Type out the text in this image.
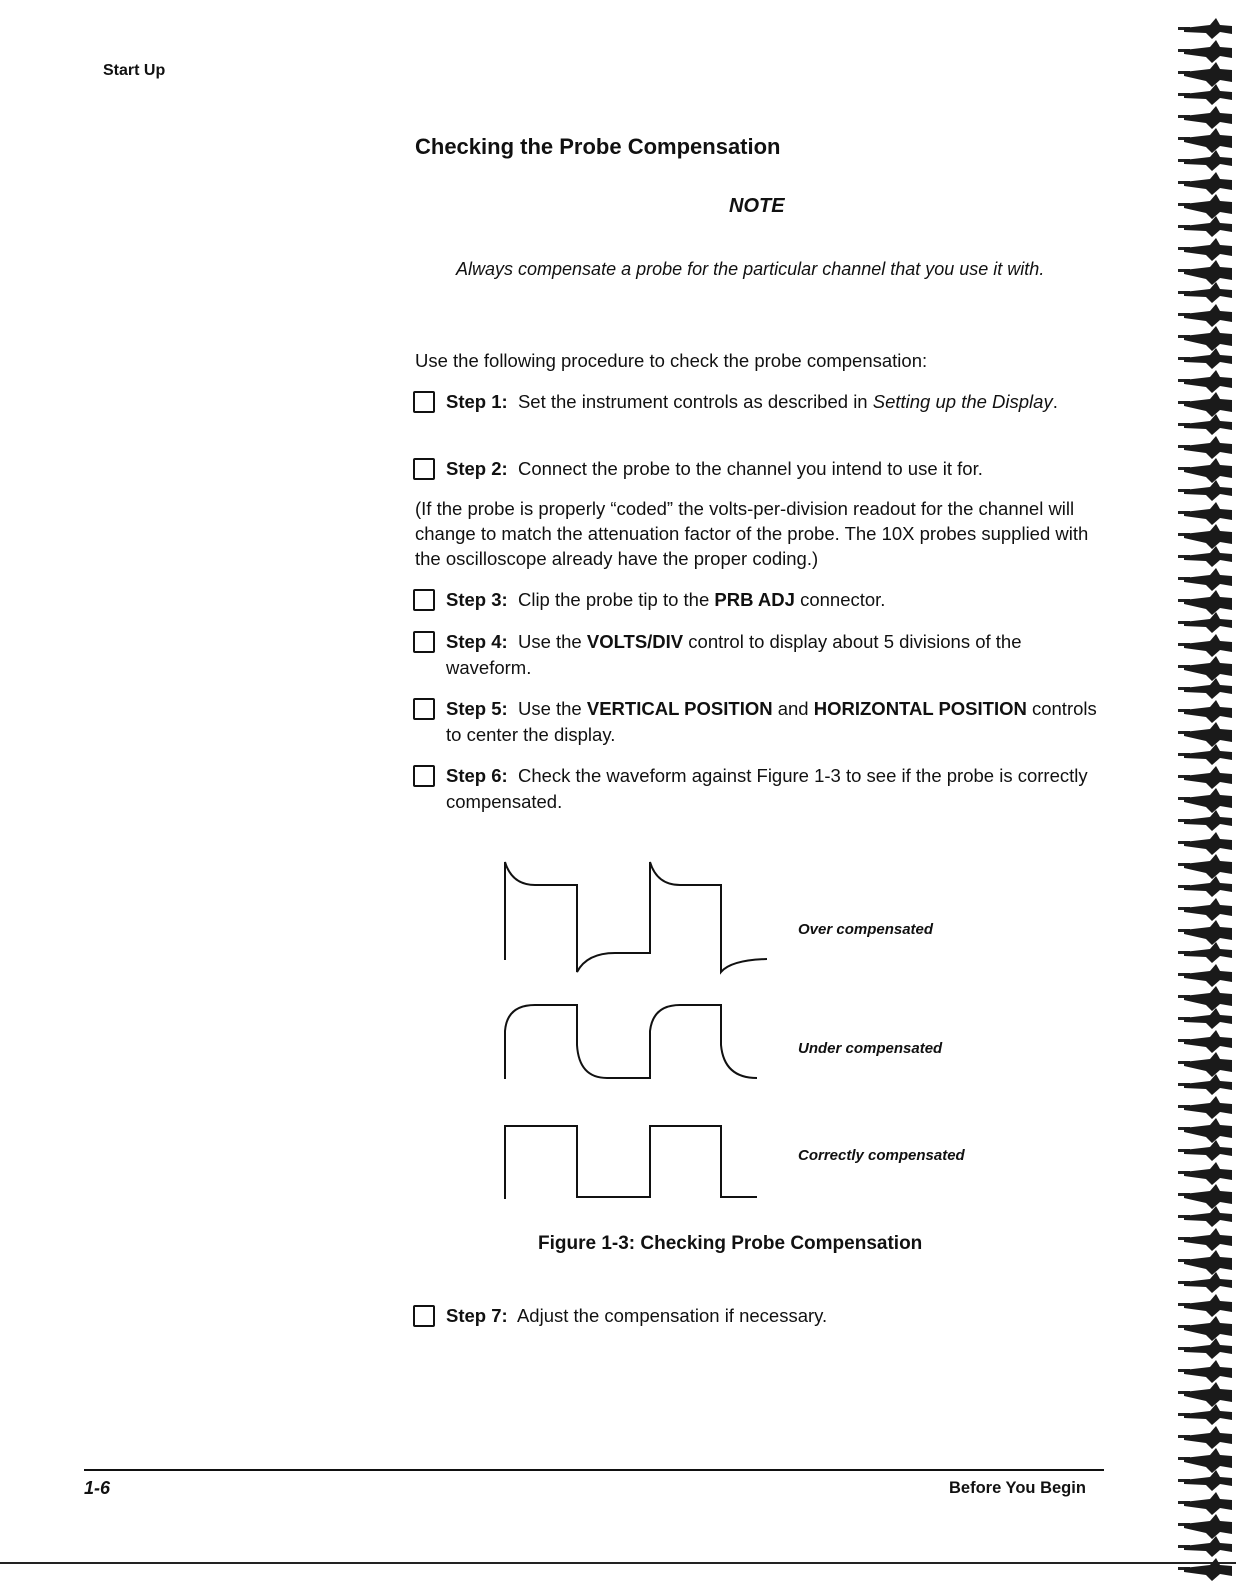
Start Up
Checking the Probe Compensation
NOTE
Always compensate a probe for the particular channel that you use it with.
Use the following procedure to check the probe compensation:
Step 1: Set the instrument controls as described in Setting up the Display.
Step 2: Connect the probe to the channel you intend to use it for.
(If the probe is properly “coded” the volts-per-division readout for the channel will change to match the attenuation factor of the probe. The 10X probes supplied with the oscilloscope already have the proper coding.)
Step 3: Clip the probe tip to the PRB ADJ connector.
Step 4: Use the VOLTS/DIV control to display about 5 divisions of the waveform.
Step 5: Use the VERTICAL POSITION and HORIZONTAL POSITION controls to center the display.
Step 6: Check the waveform against Figure 1-3 to see if the probe is correctly compensated.
Over compensated
Under compensated
Correctly compensated
Figure 1-3: Checking Probe Compensation
Step 7: Adjust the compensation if necessary.
1-6	Before You Begin
